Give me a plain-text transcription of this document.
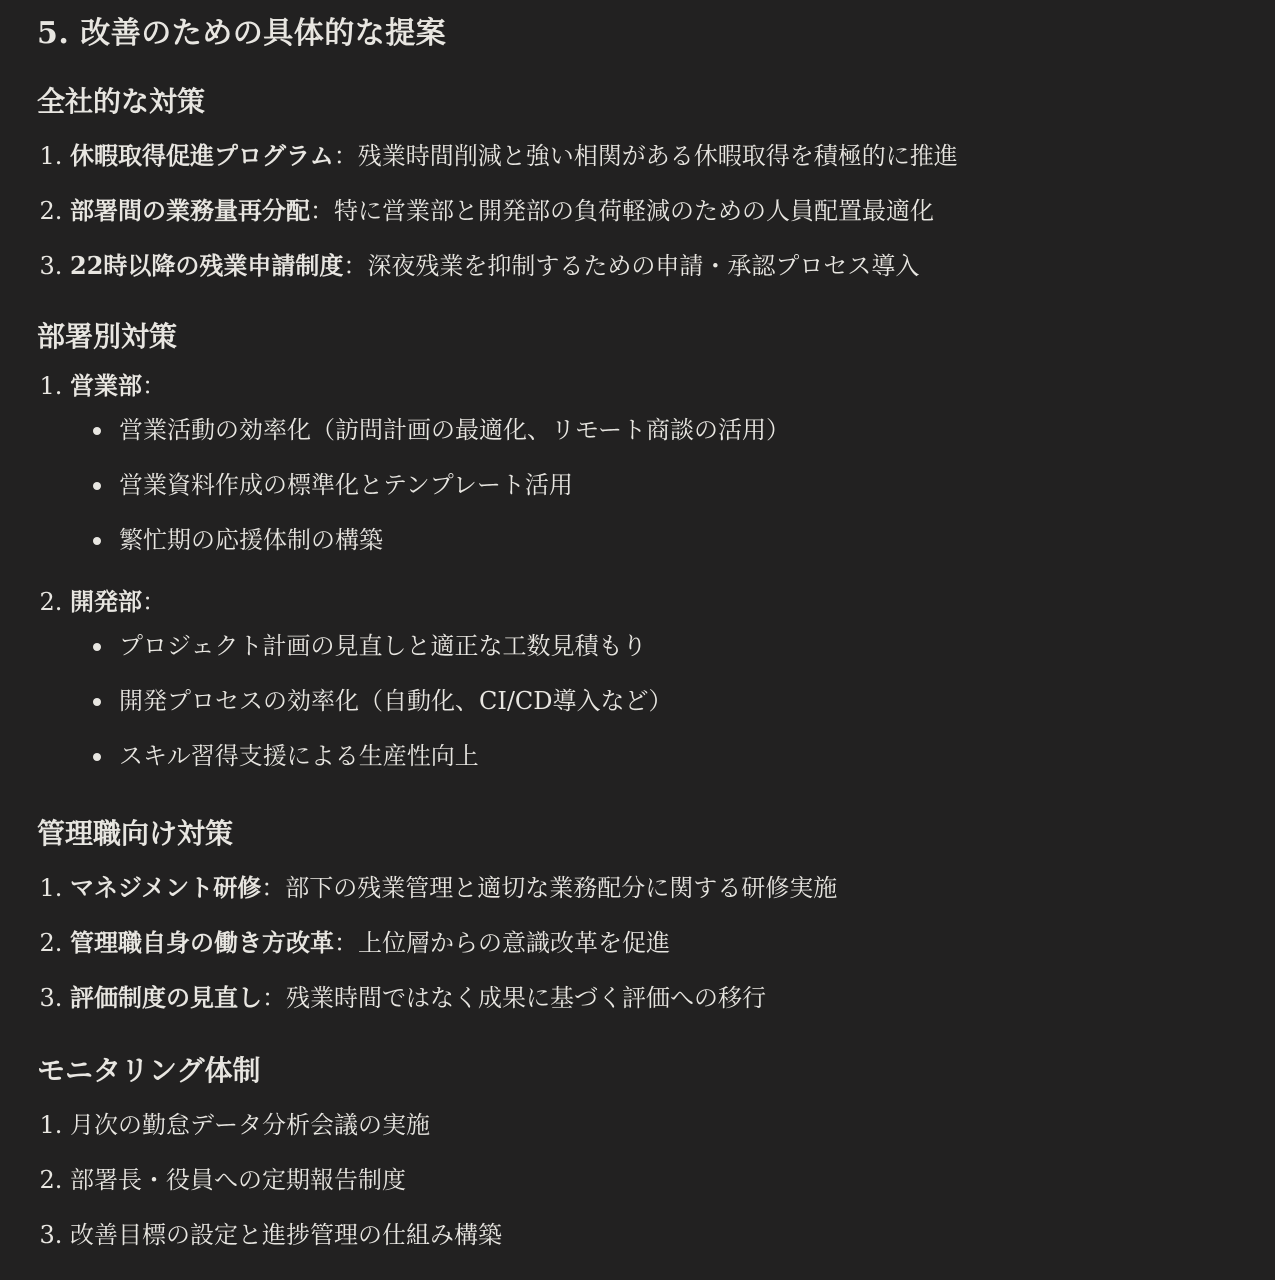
5. 改善のための具体的な提案
全社的な対策
1. 休暇取得促進プログラム：残業時間削減と強い相関がある休暇取得を積極的に推進
2. 部署間の業務量再分配：特に営業部と開発部の負荷軽減のための人員配置最適化
3. 22時以降の残業申請制度：深夜残業を抑制するための申請・承認プロセス導入
部署別対策
1. 営業部：
営業活動の効率化（訪問計画の最適化、リモート商談の活用）
営業資料作成の標準化とテンプレート活用
繁忙期の応援体制の構築
2. 開発部：
プロジェクト計画の見直しと適正な工数見積もり
開発プロセスの効率化（自動化、CI/CD導入など）
スキル習得支援による生産性向上
管理職向け対策
1. マネジメント研修：部下の残業管理と適切な業務配分に関する研修実施
2. 管理職自身の働き方改革：上位層からの意識改革を促進
3. 評価制度の見直し：残業時間ではなく成果に基づく評価への移行
モニタリング体制
1. 月次の勤怠データ分析会議の実施
2. 部署長・役員への定期報告制度
3. 改善目標の設定と進捗管理の仕組み構築
